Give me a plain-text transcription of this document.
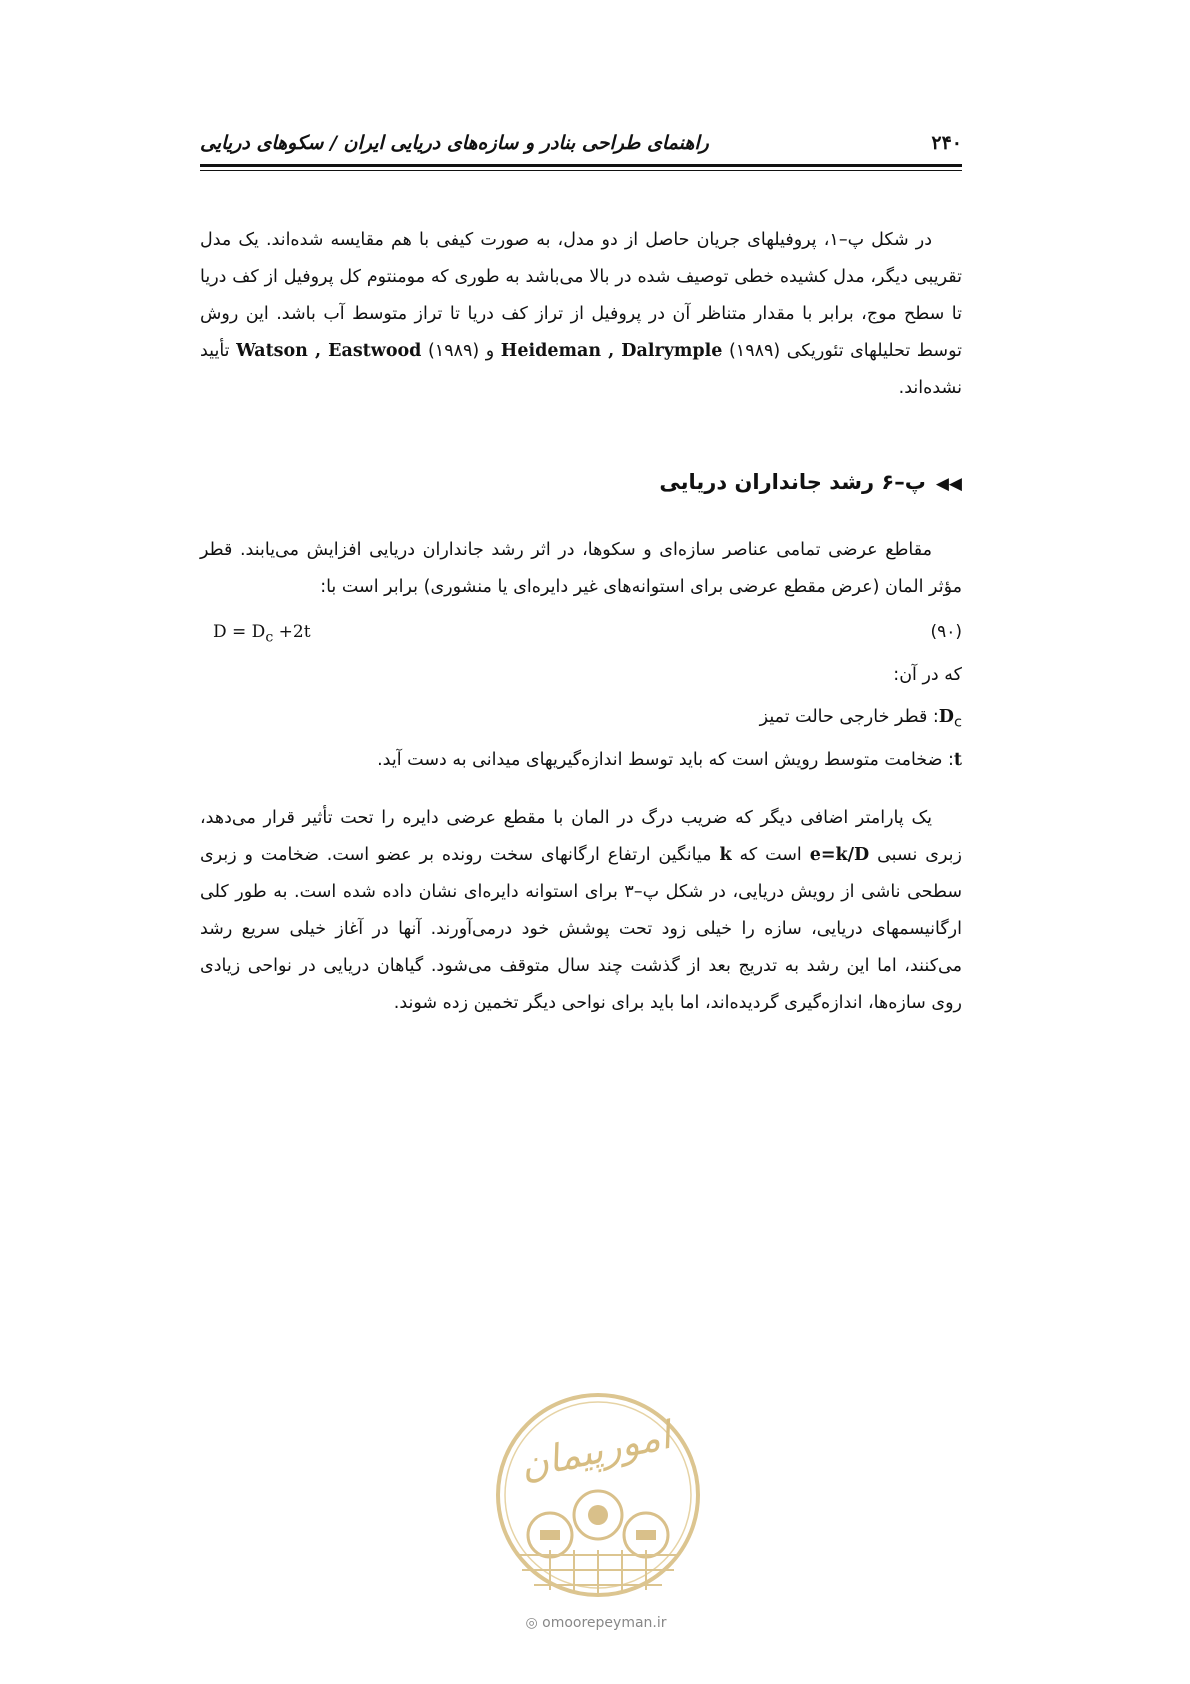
۲۴۰
راهنمای طراحی بنادر و سازه‌های دریایی ایران / سکوهای دریایی
در شکل پ–۱، پروفیلهای جریان حاصل از دو مدل، به صورت کیفی با هم مقایسه شده‌اند. یک مدل تقریبی دیگر، مدل کشیده خطی توصیف شده در بالا می‌باشد به طوری که مومنتوم کل پروفیل از کف دریا تا سطح موج، برابر با مقدار متناظر آن در پروفیل از تراز کف دریا تا تراز متوسط آب باشد. این روش توسط تحلیلهای تئوریکی Heideman , Dalrymple (۱۹۸۹) و Watson , Eastwood (۱۹۸۹) تأیید نشده‌اند.
◀◀پ–۶ رشد جانداران دریایی
مقاطع عرضی تمامی عناصر سازه‌ای و سکوها، در اثر رشد جانداران دریایی افزایش می‌یابند. قطر مؤثر المان (عرض مقطع عرضی برای استوانه‌های غیر دایره‌ای یا منشوری) برابر است با:
$D = D_c +2t$	(۹۰)
که در آن:
$D_c$: قطر خارجی حالت تمیز
t: ضخامت متوسط رویش است که باید توسط اندازه‌گیریهای میدانی به دست آید.
یک پارامتر اضافی دیگر که ضریب درگ در المان با مقطع عرضی دایره را تحت تأثیر قرار می‌دهد، زبری نسبی e=k/D است که k میانگین ارتفاع ارگانهای سخت رونده بر عضو است. ضخامت و زبری سطحی ناشی از رویش دریایی، در شکل پ–۳ برای استوانه دایره‌ای نشان داده شده است. به طور کلی ارگانیسمهای دریایی، سازه را خیلی زود تحت پوشش خود درمی‌آورند. آنها در آغاز خیلی سریع رشد می‌کنند، اما این رشد به تدریج بعد از گذشت چند سال متوقف می‌شود. گیاهان دریایی در نواحی زیادی روی سازه‌ها، اندازه‌گیری گردیده‌اند، اما باید برای نواحی دیگر تخمین زده شوند.
امورپیمان
◎ omoorepeyman.ir
